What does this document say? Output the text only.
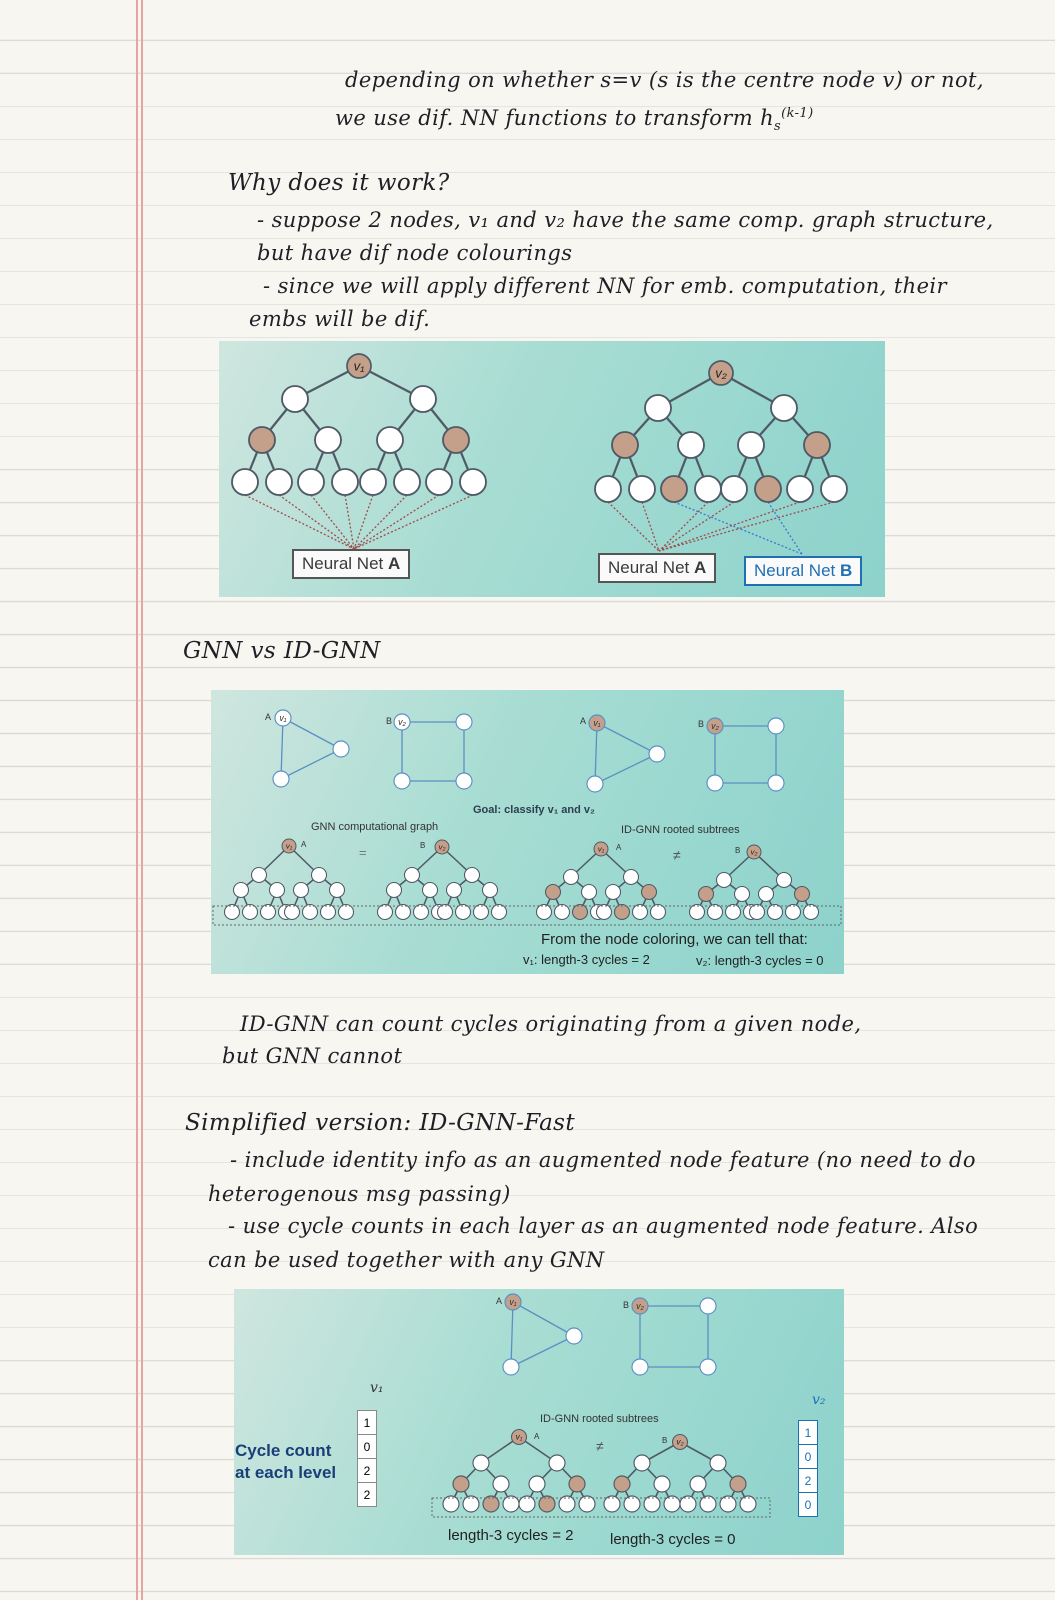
depending on whether s=v (s is the centre node v) or not,
we use dif. NN functions to transform $h_s^{(k-1)}$
Why does it work?
- suppose 2 nodes, v₁ and v₂ have the same comp. graph structure,
but have dif node colourings
- since we will apply different NN for emb. computation, their
embs will be dif.
v₁	v₂
Neural Net A	Neural Net A	Neural Net B
GNN vs ID-GNN
v₁	v₂	v₁	v₂
v₁	v₂	v₁	v₂
A	B	A	B
Goal: classify v₁ and v₂
GNN computational graph	ID-GNN rooted subtrees
=	≠
A	B	A	B
From the node coloring, we can tell that:
v₁: length-3 cycles = 2	v₂: length-3 cycles = 0
ID-GNN can count cycles originating from a given node,
but GNN cannot
Simplified version: ID-GNN-Fast
- include identity info as an augmented node feature (no need to do
heterogenous msg passing)
- use cycle counts in each layer as an augmented node feature. Also
can be used together with any GNN
v₁	v₂
v₁
v₂
A	B
v₁
v₂
Cycle count
at each level
1
0
2
2
1
0
2
0
ID-GNN rooted subtrees
≠
A	B
length-3 cycles = 2 length-3 cycles = 0
